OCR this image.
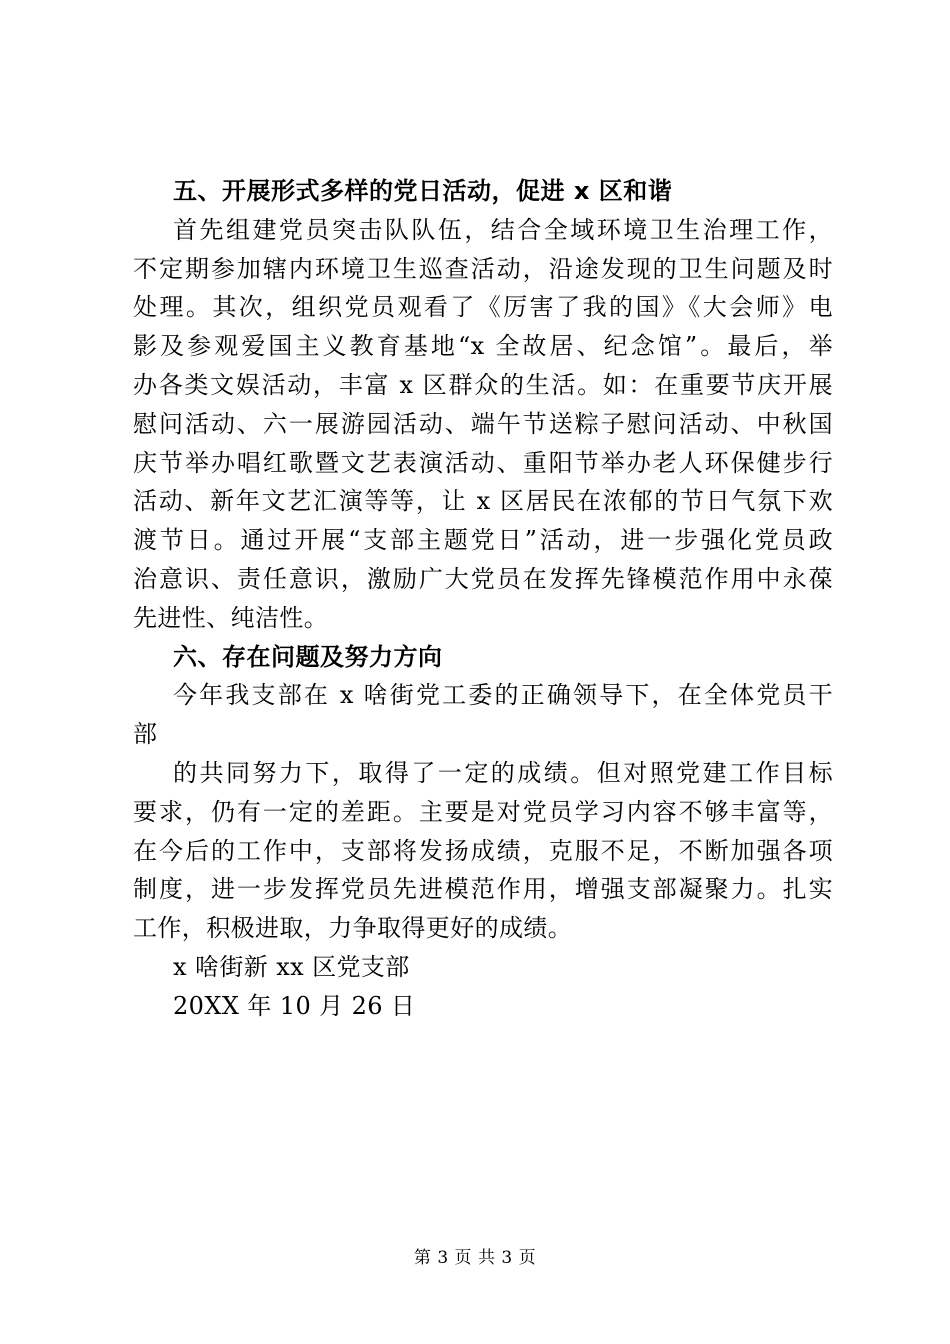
五、开展形式多样的党日活动，促进 x 区和谐
首先组建党员突击队队伍，结合全域环境卫生治理工作，
不定期参加辖内环境卫生巡查活动，沿途发现的卫生问题及时
处理。其次，组织党员观看了《厉害了我的国》《大会师》电
影及参观爱国主义教育基地“x 全故居、纪念馆”。最后，举
办各类文娱活动，丰富 x 区群众的生活。如：在重要节庆开展
慰问活动、六一展游园活动、端午节送粽子慰问活动、中秋国
庆节举办唱红歌暨文艺表演活动、重阳节举办老人环保健步行
活动、新年文艺汇演等等，让 x 区居民在浓郁的节日气氛下欢
渡节日。通过开展“支部主题党日”活动，进一步强化党员政
治意识、责任意识，激励广大党员在发挥先锋模范作用中永葆
先进性、纯洁性。
六、存在问题及努力方向
今年我支部在 x 啥街党工委的正确领导下，在全体党员干
部
的共同努力下，取得了一定的成绩。但对照党建工作目标
要求，仍有一定的差距。主要是对党员学习内容不够丰富等，
在今后的工作中，支部将发扬成绩，克服不足，不断加强各项
制度，进一步发挥党员先进模范作用，增强支部凝聚力。扎实
工作，积极进取，力争取得更好的成绩。
x 啥街新 xx 区党支部
20XX 年 10 月 26 日
第 3 页 共 3 页
